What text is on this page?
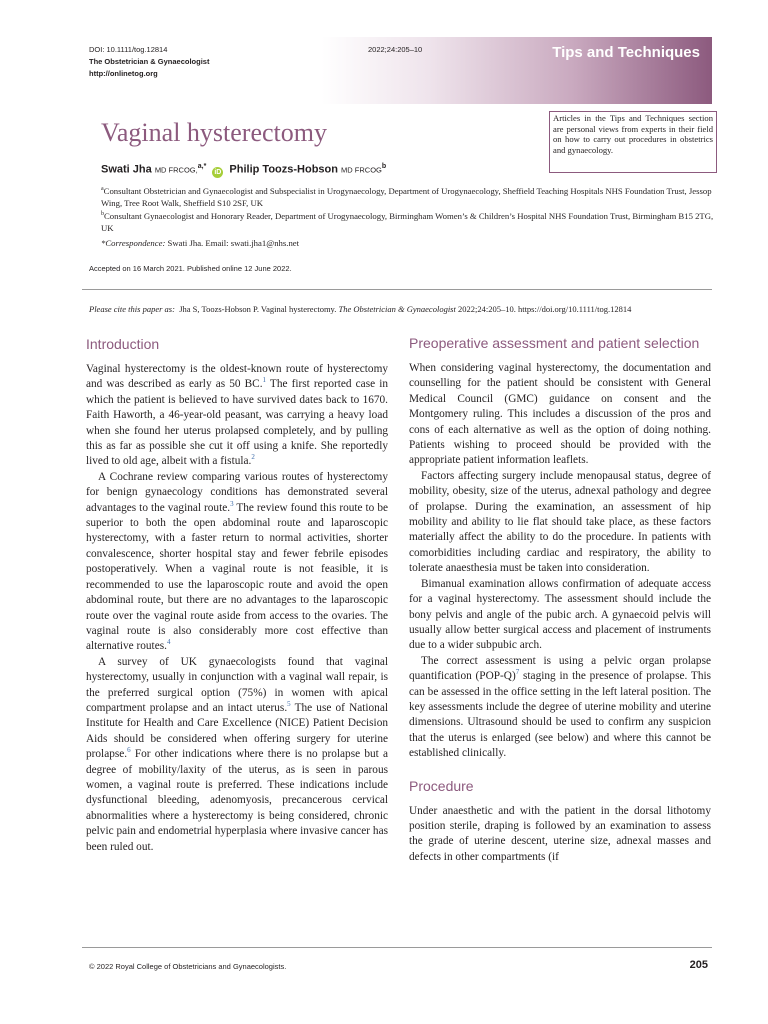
DOI: 10.1111/tog.12814
The Obstetrician & Gynaecologist
http://onlinetog.org
2022;24:205–10	Tips and Techniques
Vaginal hysterectomy	Articles in the Tips and Techniques section are personal views from experts in their field on how to carry out procedures in obstetrics and gynaecology.
Swati Jha MD FRCOG,$^{a,*}$ iD Philip Toozs-Hobson MD FRCOG$^b$
$^a$Consultant Obstetrician and Gynaecologist and Subspecialist in Urogynaecology, Department of Urogynaecology, Sheffield Teaching Hospitals NHS Foundation Trust, Jessop Wing, Tree Root Walk, Sheffield S10 2SF, UK
$^b$Consultant Gynaecologist and Honorary Reader, Department of Urogynaecology, Birmingham Women’s & Children’s Hospital NHS Foundation Trust, Birmingham B15 2TG, UK
*Correspondence: Swati Jha. Email: swati.jha1@nhs.net
Accepted on 16 March 2021. Published online 12 June 2022.
Please cite this paper as: Jha S, Toozs-Hobson P. Vaginal hysterectomy. The Obstetrician & Gynaecologist 2022;24:205–10. https://doi.org/10.1111/tog.12814
Introduction

Vaginal hysterectomy is the oldest-known route of hysterectomy and was described as early as 50 BC.$^1$ The first reported case in which the patient is believed to have survived dates back to 1670. Faith Haworth, a 46-year-old peasant, was carrying a heavy load when she found her uterus prolapsed completely, and by pulling this as far as possible she cut it off using a knife. She reportedly lived to old age, albeit with a fistula.$^2$

A Cochrane review comparing various routes of hysterectomy for benign gynaecology conditions has demonstrated several advantages to the vaginal route.$^3$ The review found this route to be superior to both the open abdominal route and laparoscopic hysterectomy, with a faster return to normal activities, shorter convalescence, shorter hospital stay and fewer febrile episodes postoperatively. When a vaginal route is not feasible, it is recommended to use the laparoscopic route and avoid the open abdominal route, but there are no advantages to the laparoscopic route over the vaginal route aside from access to the ovaries. The vaginal route is also considerably more cost effective than alternative routes.$^4$

A survey of UK gynaecologists found that vaginal hysterectomy, usually in conjunction with a vaginal wall repair, is the preferred surgical option (75%) in women with apical compartment prolapse and an intact uterus.$^5$ The use of National Institute for Health and Care Excellence (NICE) Patient Decision Aids should be considered when offering surgery for uterine prolapse.$^6$ For other indications where there is no prolapse but a degree of mobility/laxity of the uterus, as is seen in parous women, a vaginal route is preferred. These indications include dysfunctional bleeding, adenomyosis, precancerous cervical abnormalities where a hysterectomy is being considered, chronic pelvic pain and endometrial hyperplasia where invasive cancer has been ruled out.

Preoperative assessment and patient selection

When considering vaginal hysterectomy, the documentation and counselling for the patient should be consistent with General Medical Council (GMC) guidance on consent and the Montgomery ruling. This includes a discussion of the pros and cons of each alternative as well as the option of doing nothing. Patients wishing to proceed should be provided with the appropriate patient information leaflets.

Factors affecting surgery include menopausal status, degree of mobility, obesity, size of the uterus, adnexal pathology and degree of prolapse. During the examination, an assessment of hip mobility and ability to lie flat should take place, as these factors materially affect the ability to do the procedure. In patients with comorbidities including cardiac and respiratory, the ability to tolerate anaesthesia must be taken into consideration.

Bimanual examination allows confirmation of adequate access for a vaginal hysterectomy. The assessment should include the bony pelvis and angle of the pubic arch. A gynaecoid pelvis will usually allow better surgical access and placement of instruments due to a wider subpubic arch.

The correct assessment is using a pelvic organ prolapse quantification $(POP-Q)^7$ staging in the presence of prolapse. This can be assessed in the office setting in the left lateral position. The key assessments include the degree of uterine mobility and uterine dimensions. Ultrasound should be used to confirm any suspicion that the uterus is enlarged (see below) and where this cannot be established clinically.

Procedure

Under anaesthetic and with the patient in the dorsal lithotomy position sterile, draping is followed by an examination to assess the grade of uterine descent, uterine size, adnexal masses and defects in other compartments (if

© 2022 Royal College of Obstetricians and Gynaecologists.	205
